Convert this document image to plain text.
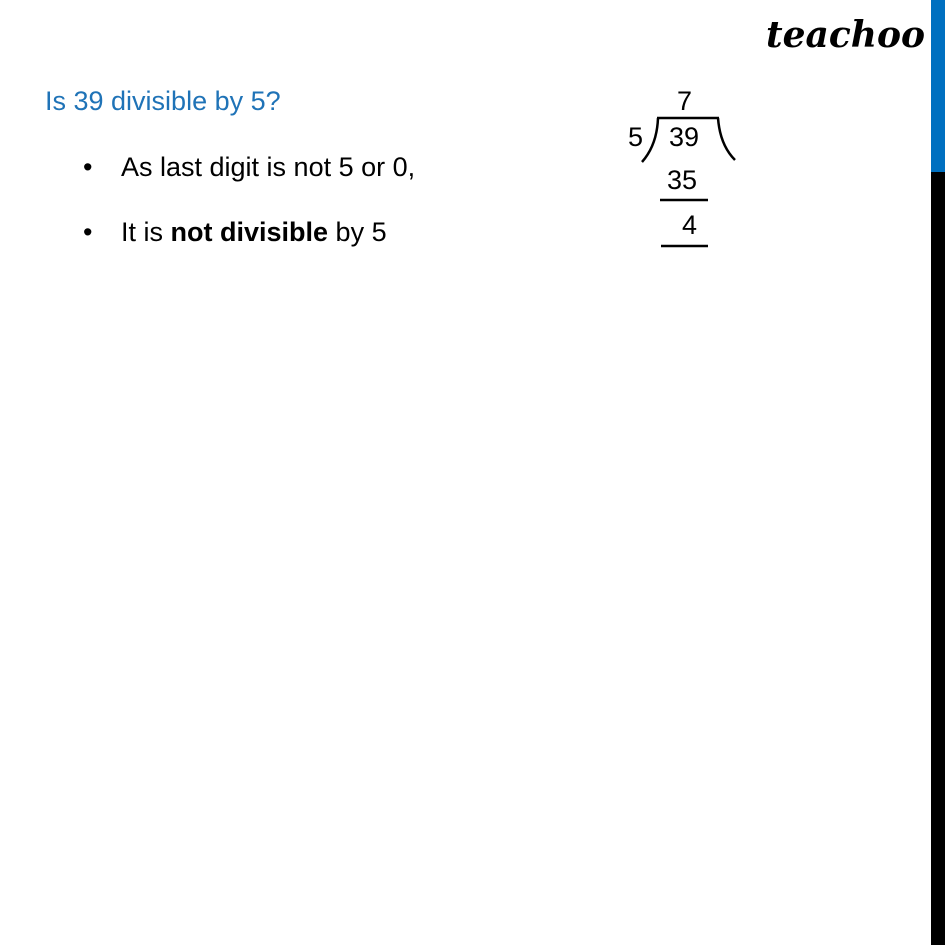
teachoo
Is 39 divisible by 5?
• As last digit is not 5 or 0,
• It is not divisible by 5
7
5 39
35
4
